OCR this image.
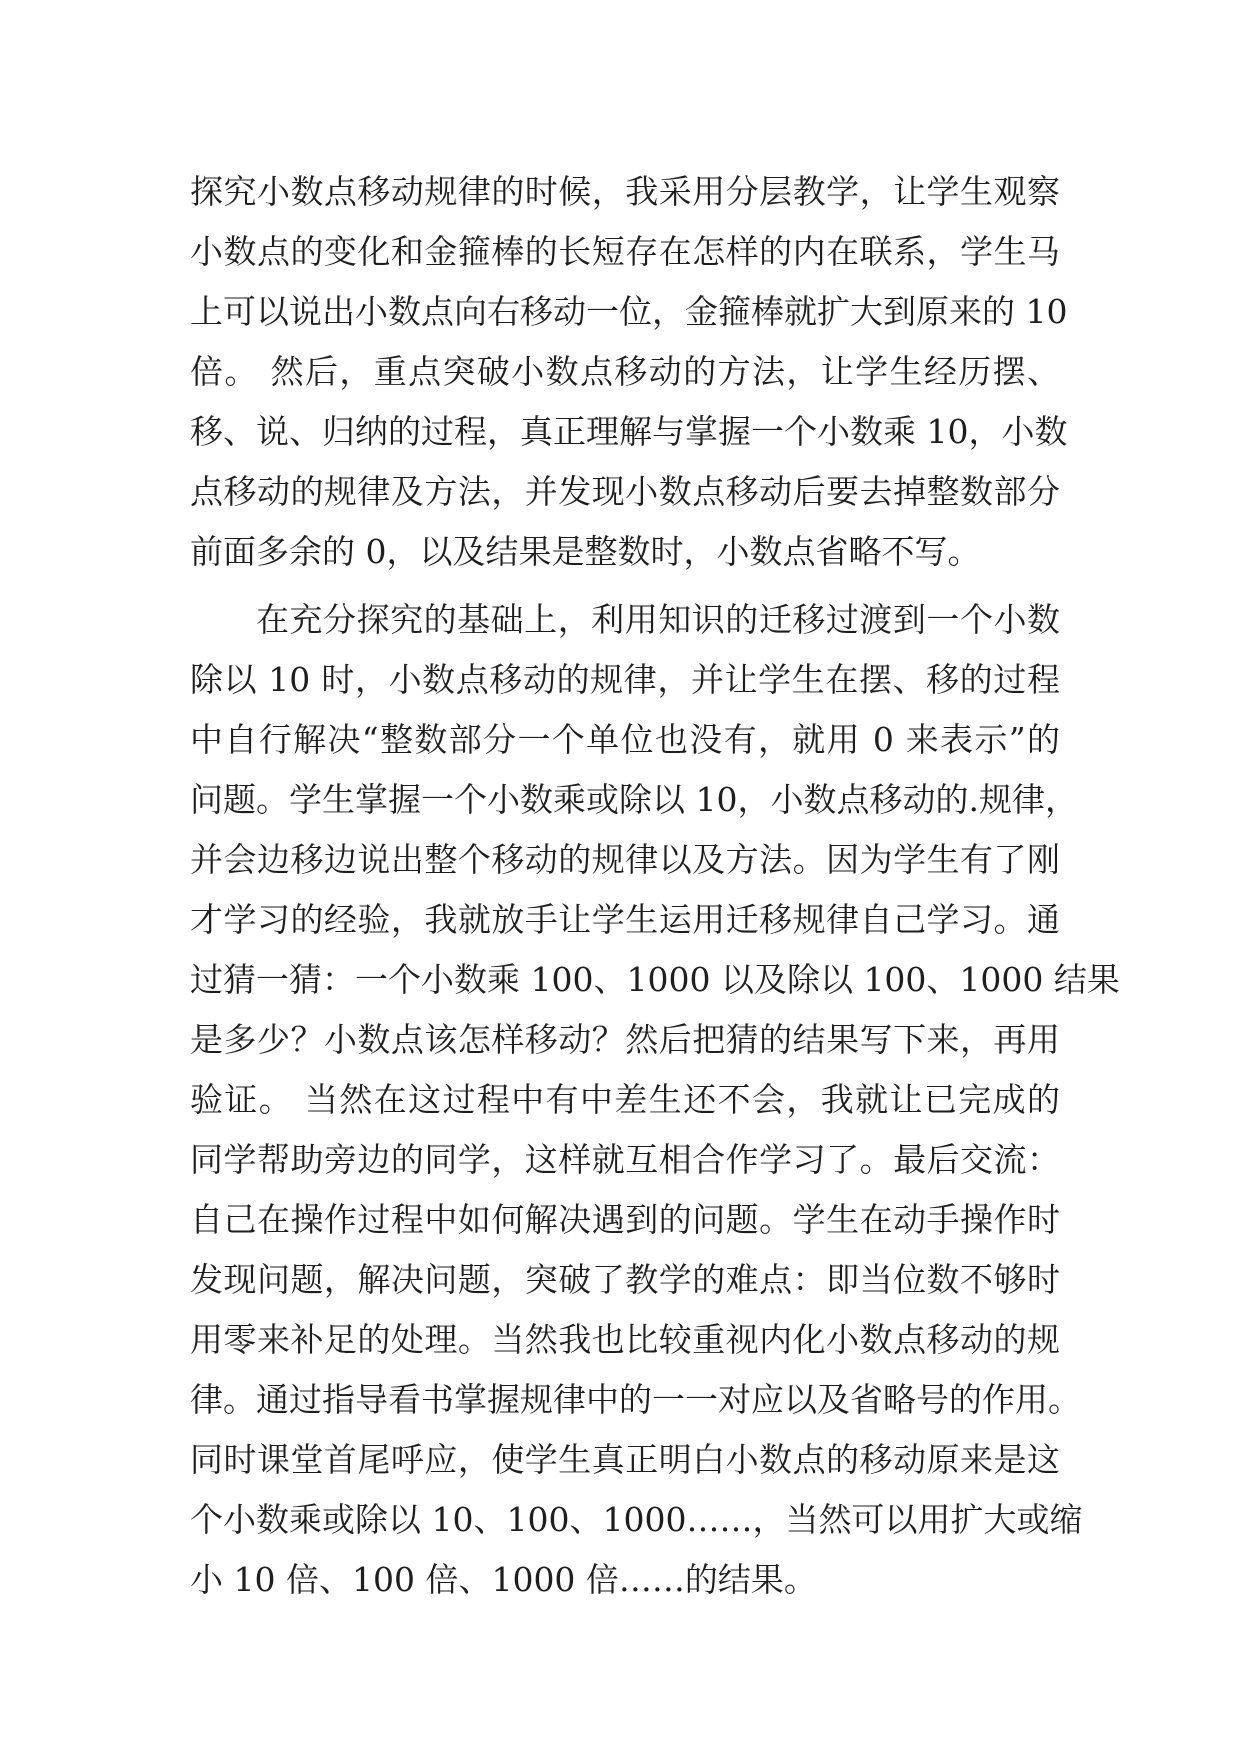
探究小数点移动规律的时候，我采用分层教学，让学生观察
小数点的变化和金箍棒的长短存在怎样的内在联系，学生马
上可以说出小数点向右移动一位，金箍棒就扩大到原来的 10
倍。 然后，重点突破小数点移动的方法，让学生经历摆、
移、说、归纳的过程，真正理解与掌握一个小数乘 10，小数
点移动的规律及方法，并发现小数点移动后要去掉整数部分
前面多余的 0，以及结果是整数时，小数点省略不写。
在充分探究的基础上，利用知识的迁移过渡到一个小数
除以 10 时，小数点移动的规律，并让学生在摆、移的过程
中自行解决“整数部分一个单位也没有，就用 0 来表示”的
问题。学生掌握一个小数乘或除以 10，小数点移动的.规律，
并会边移边说出整个移动的规律以及方法。因为学生有了刚
才学习的经验，我就放手让学生运用迁移规律自己学习。通
过猜一猜：一个小数乘 100、1000 以及除以 100、1000 结果
是多少？小数点该怎样移动？然后把猜的结果写下来，再用
验证。 当然在这过程中有中差生还不会，我就让已完成的
同学帮助旁边的同学，这样就互相合作学习了。最后交流：
自己在操作过程中如何解决遇到的问题。学生在动手操作时
发现问题，解决问题，突破了教学的难点：即当位数不够时
用零来补足的处理。当然我也比较重视内化小数点移动的规
律。通过指导看书掌握规律中的一一对应以及省略号的作用。
同时课堂首尾呼应，使学生真正明白小数点的移动原来是这
个小数乘或除以 10、100、1000……，当然可以用扩大或缩
小 10 倍、100 倍、1000 倍……的结果。
